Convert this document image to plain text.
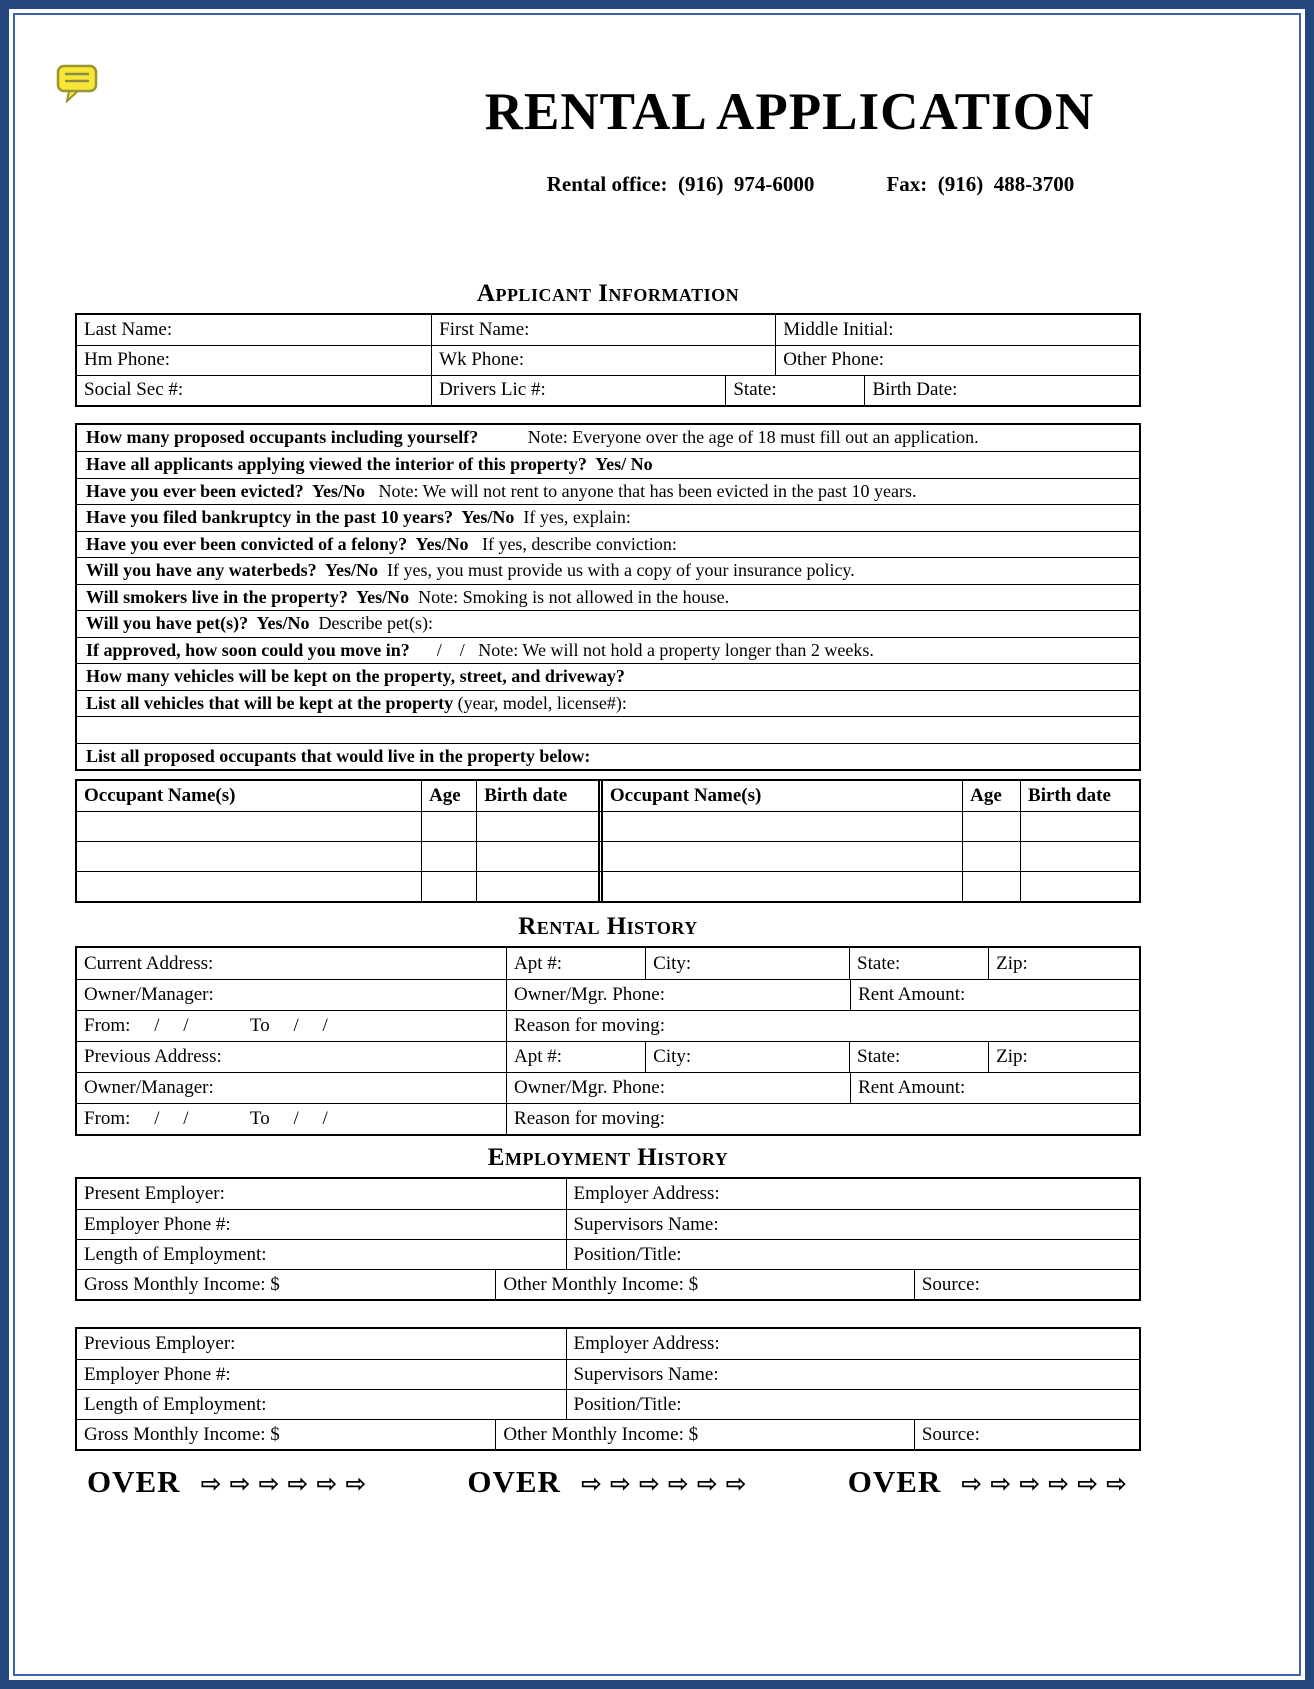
RENTAL APPLICATION

Rental office:  (916)  974-6000	Fax:  (916)  488-3700

Applicant Information
Last Name:	First Name:	Middle Initial:
Hm Phone:	Wk Phone:	Other Phone:
Social Sec #:	Drivers Lic #:	State:	Birth Date:
How many proposed occupants including yourself? Note: Everyone over the age of 18 must fill out an application.
Have all applicants applying viewed the interior of this property?  Yes/ No
Have you ever been evicted?  Yes/No Note: We will not rent to anyone that has been evicted in the past 10 years.
Have you filed bankruptcy in the past 10 years?  Yes/No If yes, explain:
Have you ever been convicted of a felony?  Yes/No If yes, describe conviction:
Will you have any waterbeds?  Yes/No If yes, you must provide us with a copy of your insurance policy.
Will smokers live in the property?  Yes/No Note: Smoking is not allowed in the house.
Will you have pet(s)?  Yes/No Describe pet(s):
If approved, how soon could you move in? /    /   Note: We will not hold a property longer than 2 weeks.
How many vehicles will be kept on the property, street, and driveway?
List all vehicles that will be kept at the property (year, model, license#):
List all proposed occupants that would live in the property below:
Occupant Name(s)	Age	Birth date	Occupant Name(s)	Age	Birth date
Rental History
Current Address:	Apt #:	City:	State:	Zip:
Owner/Manager:	Owner/Mgr. Phone:	Rent Amount:
From:     /     /             To     /     /	Reason for moving:
Previous Address:	Apt #:	City:	State:	Zip:
Owner/Manager:	Owner/Mgr. Phone:	Rent Amount:
From:     /     /             To     /     /	Reason for moving:
Employment History
Present Employer:	Employer Address:
Employer Phone #:	Supervisors Name:
Length of Employment:	Position/Title:
Gross Monthly Income: $	Other Monthly Income: $	Source:
Previous Employer:	Employer Address:
Employer Phone #:	Supervisors Name:
Length of Employment:	Position/Title:
Gross Monthly Income: $	Other Monthly Income: $	Source:
OVER ⇨⇨⇨⇨⇨⇨	OVER ⇨⇨⇨⇨⇨⇨	OVER ⇨⇨⇨⇨⇨⇨
